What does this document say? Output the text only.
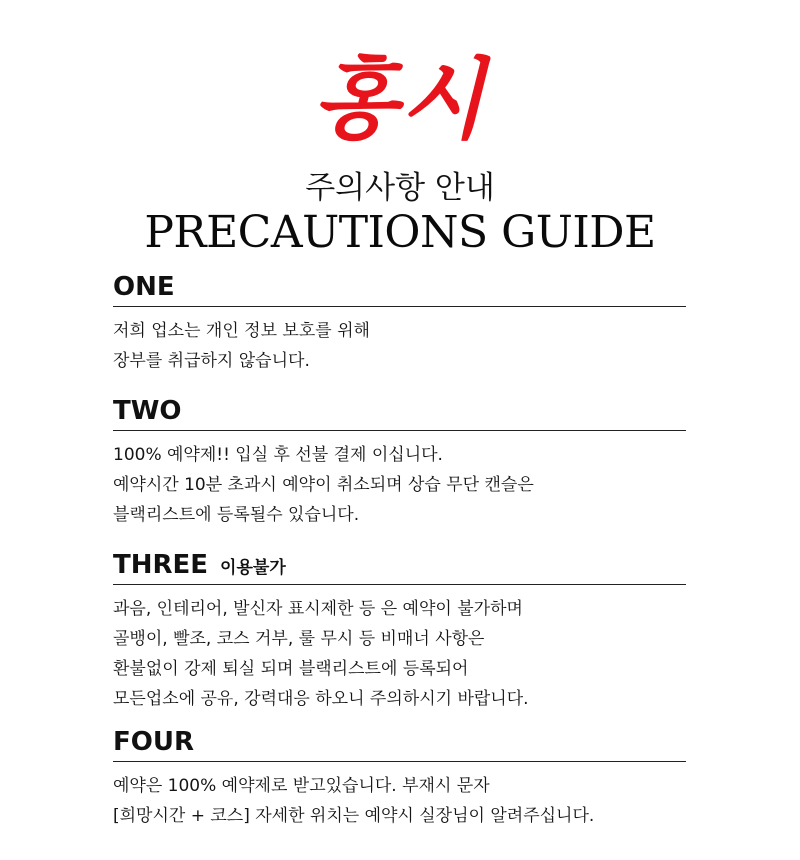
홍시
주의사항 안내
PRECAUTIONS GUIDE
ONE
저희 업소는 개인 정보 보호를 위해
장부를 취급하지 않습니다.
TWO
100% 예약제!! 입실 후 선불 결제 이십니다.
예약시간 10분 초과시 예약이 취소되며 상습 무단 캔슬은
블랙리스트에 등록될수 있습니다.
THREE 이용불가
과음, 인테리어, 발신자 표시제한 등 은 예약이 불가하며
골뱅이, 빨조, 코스 거부, 룰 무시 등 비매너 사항은
환불없이 강제 퇴실 되며 블랙리스트에 등록되어
모든업소에 공유, 강력대응 하오니 주의하시기 바랍니다.
FOUR
예약은 100% 예약제로 받고있습니다. 부재시 문자
[희망시간 + 코스] 자세한 위치는 예약시 실장님이 알려주십니다.
